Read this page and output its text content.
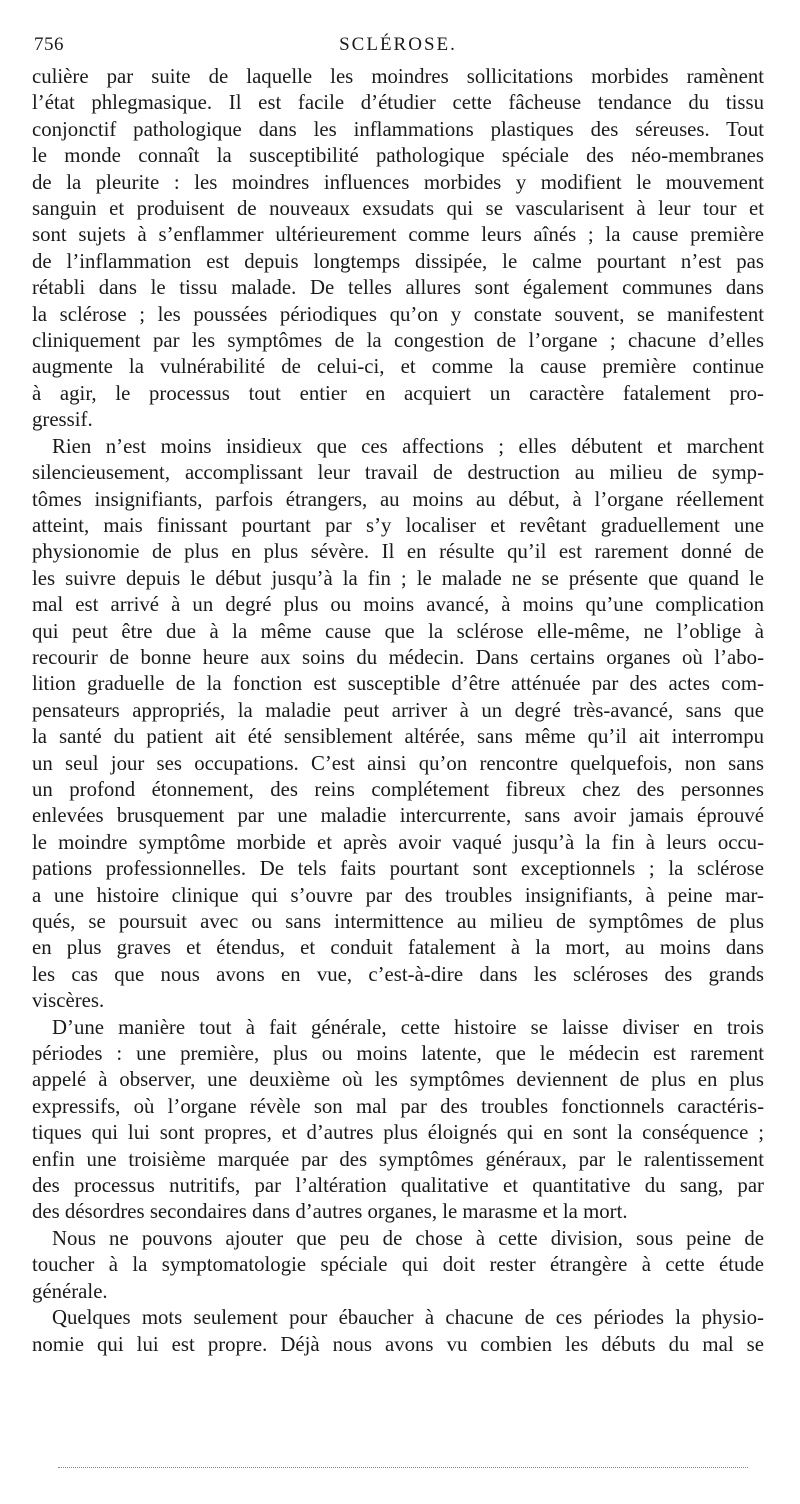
756	SCLÉROSE.
culière par suite de laquelle les moindres sollicitations morbides ramènent
l’état phlegmasique. Il est facile d’étudier cette fâcheuse tendance du tissu
conjonctif pathologique dans les inflammations plastiques des séreuses. Tout
le monde connaît la susceptibilité pathologique spéciale des néo-membranes
de la pleurite : les moindres influences morbides y modifient le mouvement
sanguin et produisent de nouveaux exsudats qui se vascularisent à leur tour et
sont sujets à s’enflammer ultérieurement comme leurs aînés ; la cause première
de l’inflammation est depuis longtemps dissipée, le calme pourtant n’est pas
rétabli dans le tissu malade. De telles allures sont également communes dans
la sclérose ; les poussées périodiques qu’on y constate souvent, se manifestent
cliniquement par les symptômes de la congestion de l’organe ; chacune d’elles
augmente la vulnérabilité de celui-ci, et comme la cause première continue
à agir, le processus tout entier en acquiert un caractère fatalement pro-
gressif.
Rien n’est moins insidieux que ces affections ; elles débutent et marchent
silencieusement, accomplissant leur travail de destruction au milieu de symp-
tômes insignifiants, parfois étrangers, au moins au début, à l’organe réellement
atteint, mais finissant pourtant par s’y localiser et revêtant graduellement une
physionomie de plus en plus sévère. Il en résulte qu’il est rarement donné de
les suivre depuis le début jusqu’à la fin ; le malade ne se présente que quand le
mal est arrivé à un degré plus ou moins avancé, à moins qu’une complication
qui peut être due à la même cause que la sclérose elle-même, ne l’oblige à
recourir de bonne heure aux soins du médecin. Dans certains organes où l’abo-
lition graduelle de la fonction est susceptible d’être atténuée par des actes com-
pensateurs appropriés, la maladie peut arriver à un degré très-avancé, sans que
la santé du patient ait été sensiblement altérée, sans même qu’il ait interrompu
un seul jour ses occupations. C’est ainsi qu’on rencontre quelquefois, non sans
un profond étonnement, des reins complétement fibreux chez des personnes
enlevées brusquement par une maladie intercurrente, sans avoir jamais éprouvé
le moindre symptôme morbide et après avoir vaqué jusqu’à la fin à leurs occu-
pations professionnelles. De tels faits pourtant sont exceptionnels ; la sclérose
a une histoire clinique qui s’ouvre par des troubles insignifiants, à peine mar-
qués, se poursuit avec ou sans intermittence au milieu de symptômes de plus
en plus graves et étendus, et conduit fatalement à la mort, au moins dans
les cas que nous avons en vue, c’est-à-dire dans les scléroses des grands
viscères.
D’une manière tout à fait générale, cette histoire se laisse diviser en trois
périodes : une première, plus ou moins latente, que le médecin est rarement
appelé à observer, une deuxième où les symptômes deviennent de plus en plus
expressifs, où l’organe révèle son mal par des troubles fonctionnels caractéris-
tiques qui lui sont propres, et d’autres plus éloignés qui en sont la conséquence ;
enfin une troisième marquée par des symptômes généraux, par le ralentissement
des processus nutritifs, par l’altération qualitative et quantitative du sang, par
des désordres secondaires dans d’autres organes, le marasme et la mort.
Nous ne pouvons ajouter que peu de chose à cette division, sous peine de
toucher à la symptomatologie spéciale qui doit rester étrangère à cette étude
générale.
Quelques mots seulement pour ébaucher à chacune de ces périodes la physio-
nomie qui lui est propre. Déjà nous avons vu combien les débuts du mal se
